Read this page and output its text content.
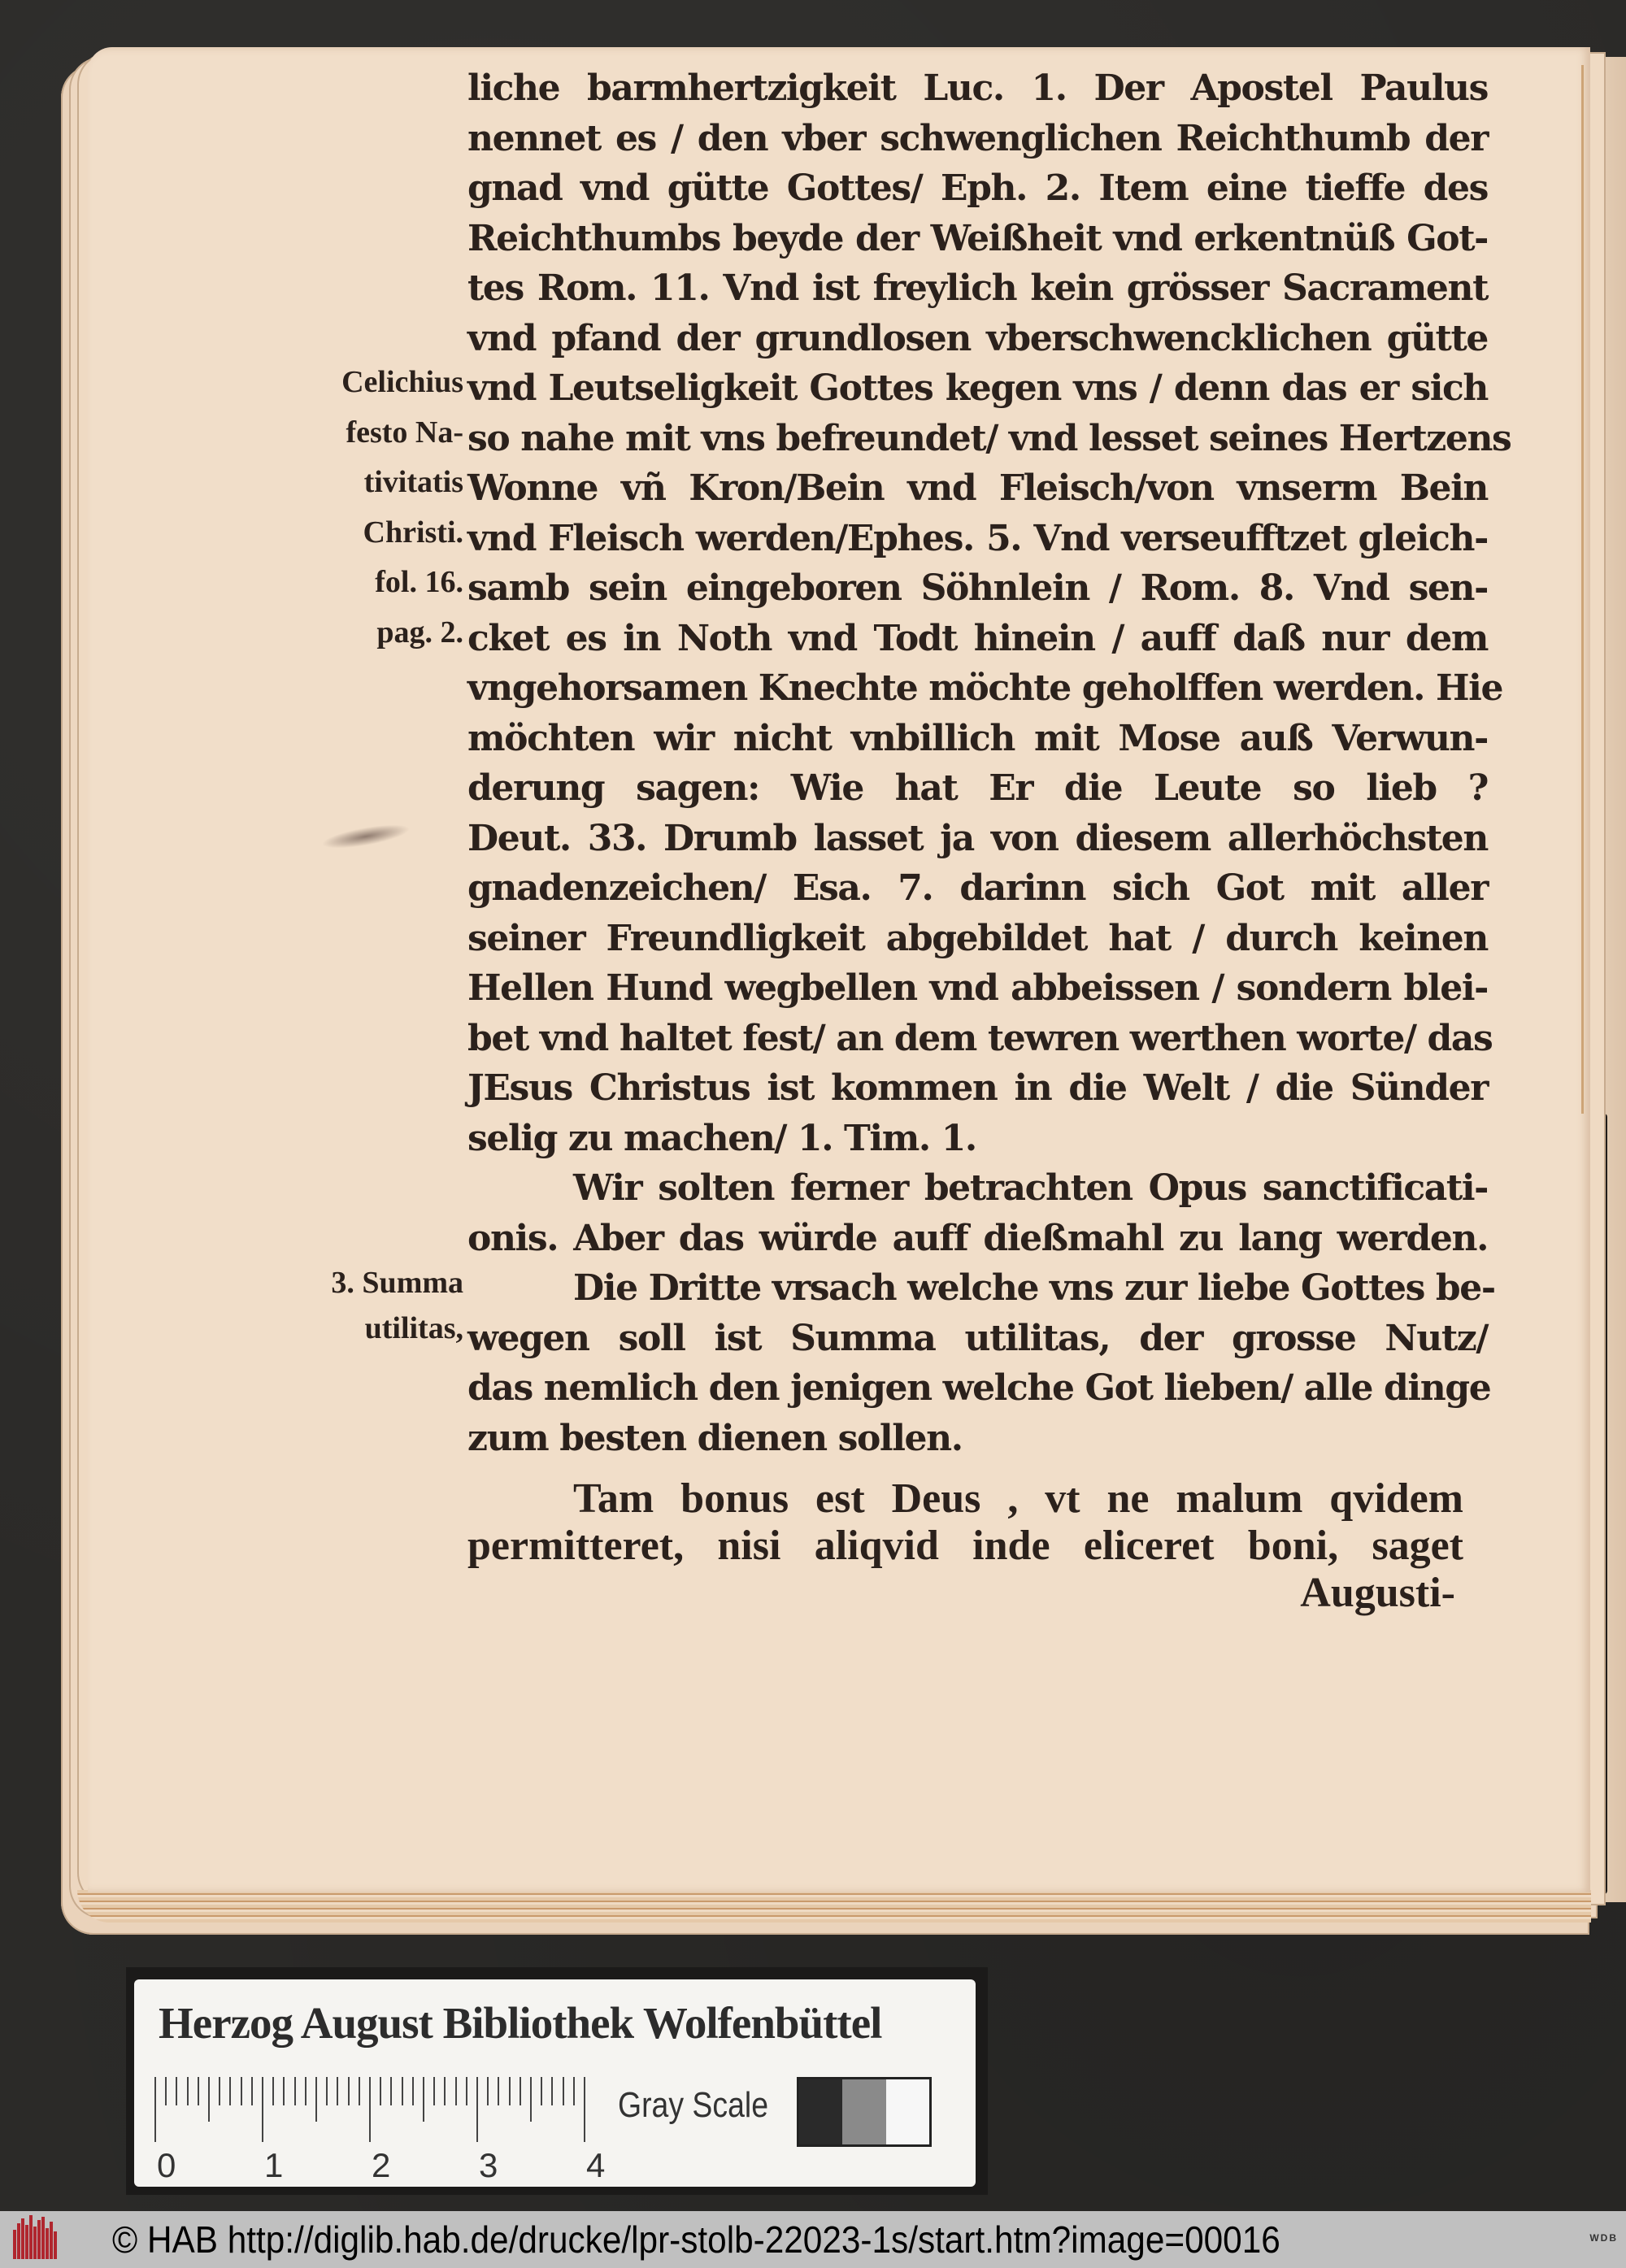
liche barmhertzigkeit Luc. 1. Der Apostel Paulus
nennet es / den vber schwenglichen Reichthumb der
gnad vnd gütte Gottes/ Eph. 2. Item eine tieffe des
Reichthumbs beyde der Weißheit vnd erkentnüß Got-
tes Rom. 11. Vnd ist freylich kein grösser Sacrament
vnd pfand der grundlosen vberschwencklichen gütte
vnd Leutseligkeit Gottes kegen vns / denn das er sich
so nahe mit vns befreundet/ vnd lesset seines Hertzens
Wonne vñ Kron/Bein vnd Fleisch/von vnserm Bein
vnd Fleisch werden/Ephes. 5. Vnd verseufftzet gleich-
samb sein eingeboren Söhnlein / Rom. 8. Vnd sen-
cket es in Noth vnd Todt hinein / auff daß nur dem
vngehorsamen Knechte möchte geholffen werden. Hie
möchten wir nicht vnbillich mit Mose auß Verwun-
derung sagen: Wie hat Er die Leute so lieb ?
Deut. 33. Drumb lasset ja von diesem allerhöchsten
gnadenzeichen/ Esa. 7. darinn sich Got mit aller
seiner Freundligkeit abgebildet hat / durch keinen
Hellen Hund wegbellen vnd abbeissen / sondern blei-
bet vnd haltet fest/ an dem tewren werthen worte/ das
JEsus Christus ist kommen in die Welt / die Sünder
selig zu machen/ 1. Tim. 1.
Wir solten ferner betrachten Opus sanctificati-
onis. Aber das würde auff dießmahl zu lang werden.
Die Dritte vrsach welche vns zur liebe Gottes be-
wegen soll ist Summa utilitas, der grosse Nutz/
das nemlich den jenigen welche Got lieben/ alle dinge
zum besten dienen sollen.
Tam bonus est Deus , vt ne malum qvidem
permitteret, nisi aliqvid inde eliceret boni, saget
Augusti-
Celichius
festo Na-
tivitatis
Christi.
fol. 16.
pag. 2.
3. Summa
utilitas,
Herzog August Bibliothek Wolfenbüttel
0	1	2	3	4
Gray Scale
© HAB http://diglib.hab.de/drucke/lpr-stolb-22023-1s/start.htm?image=00016	WDB
